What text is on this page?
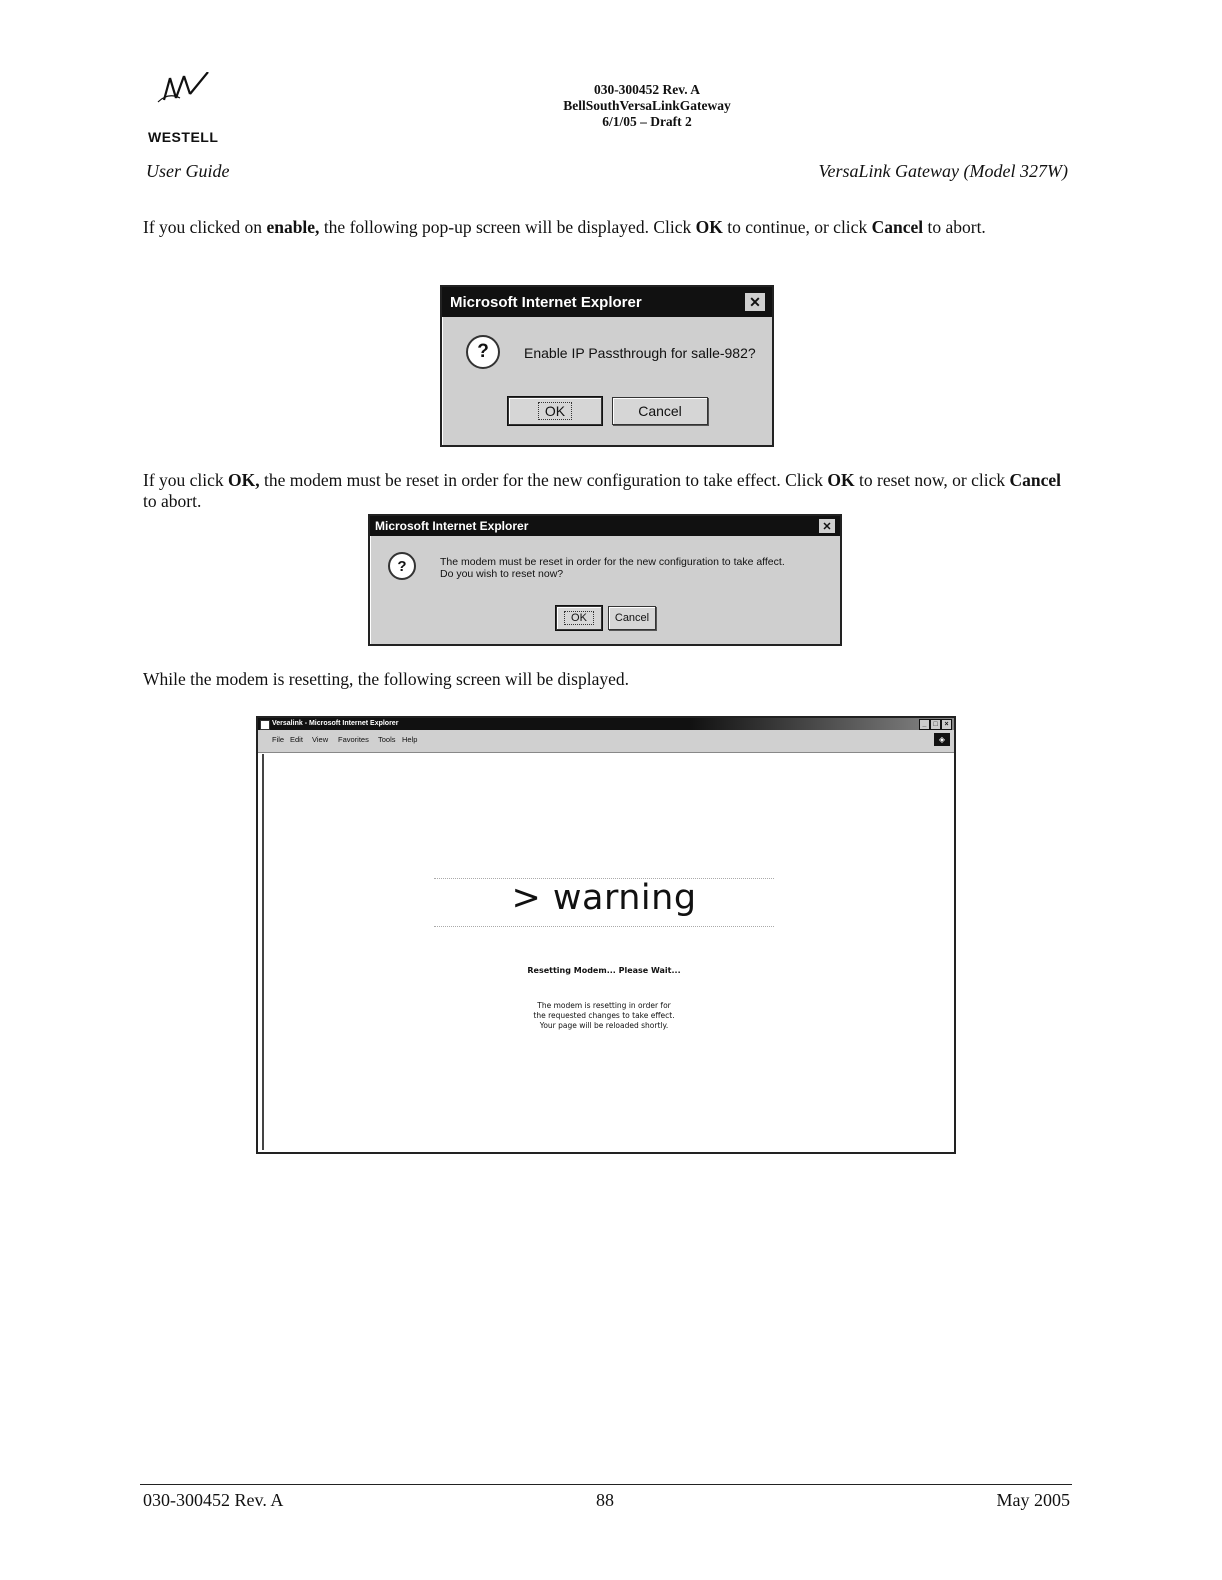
WESTELL
030-300452 Rev. A
BellSouthVersaLinkGateway
6/1/05 – Draft 2
User Guide	VersaLink Gateway (Model 327W)
If you clicked on enable, the following pop-up screen will be displayed. Click OK to continue, or click Cancel to abort.
Microsoft Internet Explorer	✕
?	Enable IP Passthrough for salle-982?
OK	Cancel
If you click OK, the modem must be reset in order for the new configuration to take effect. Click OK to reset now, or click Cancel to abort.
Microsoft Internet Explorer	✕
?	The modem must be reset in order for the new configuration to take affect.
Do you wish to reset now?
OK	Cancel
While the modem is resetting, the following screen will be displayed.
Versalink - Microsoft Internet Explorer	_ □ ×
File Edit View Favorites Tools Help	◈
> warning
Resetting Modem... Please Wait...
The modem is resetting in order for
the requested changes to take effect.
Your page will be reloaded shortly.
030-300452 Rev. A	88	May 2005
